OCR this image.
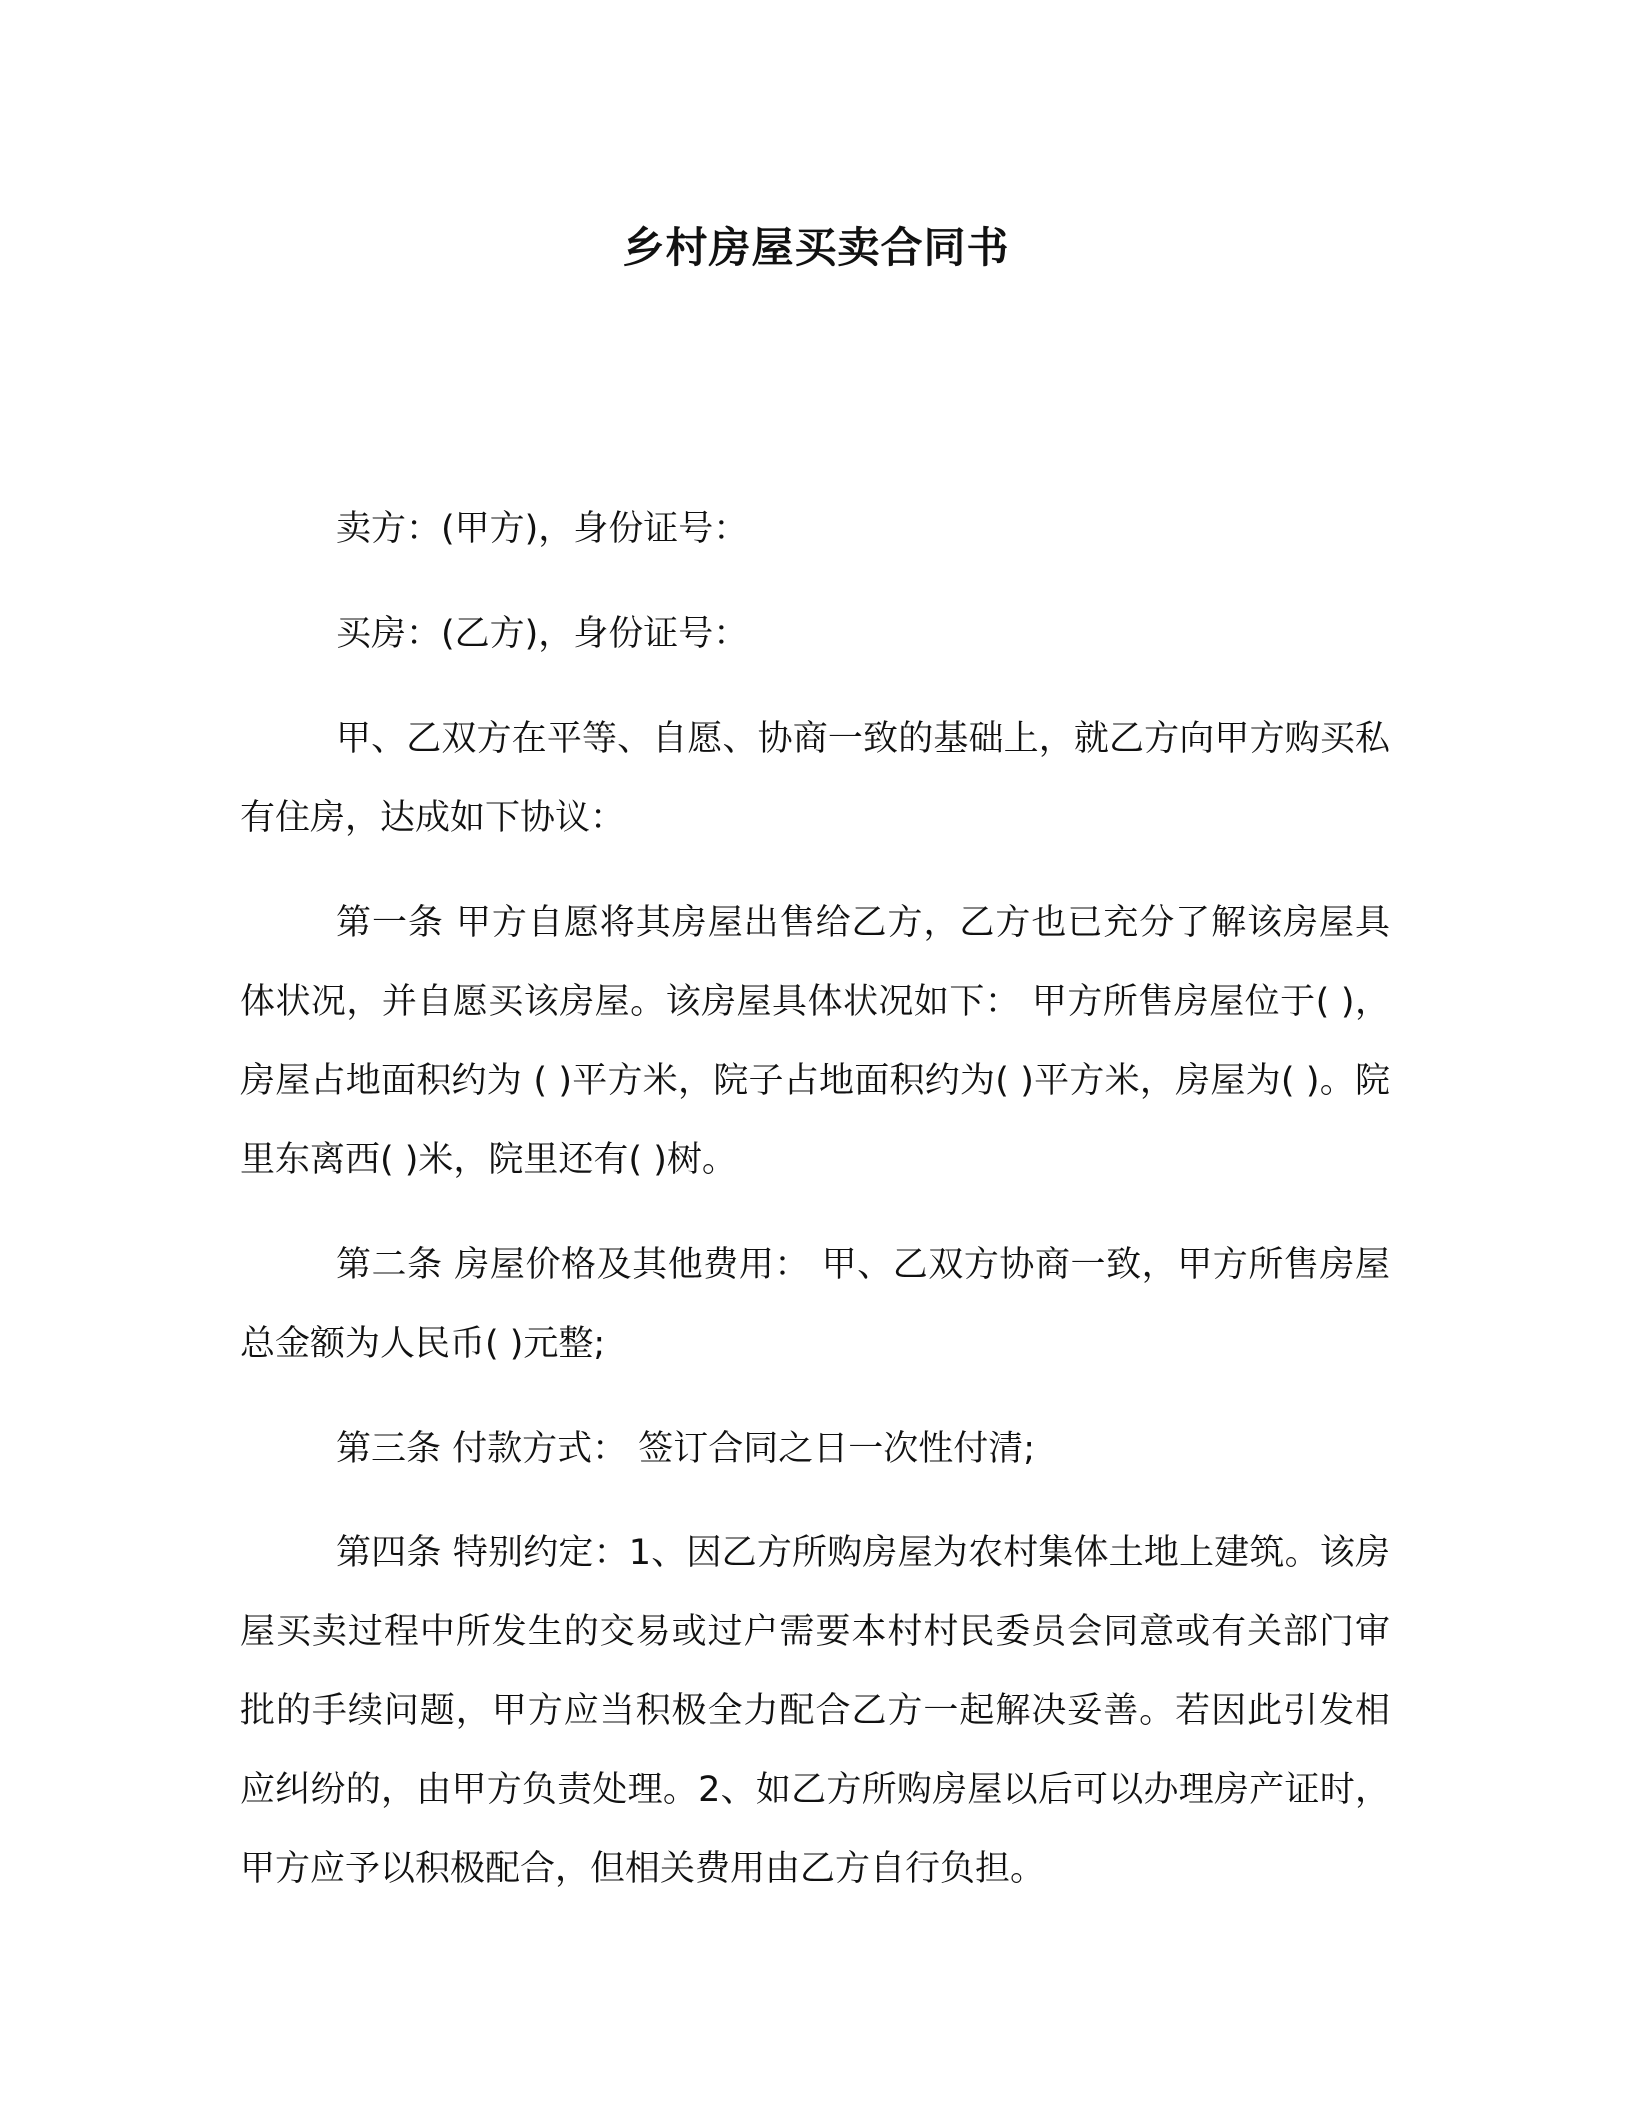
乡村房屋买卖合同书

卖方：(甲方)，身份证号：

买房：(乙方)，身份证号：

甲、乙双方在平等、自愿、协商一致的基础上，就乙方向甲方购买私有住房，达成如下协议：

第一条 甲方自愿将其房屋出售给乙方，乙方也已充分了解该房屋具体状况，并自愿买该房屋。该房屋具体状况如下： 甲方所售房屋位于( )，房屋占地面积约为 ( )平方米，院子占地面积约为( )平方米，房屋为( )。院里东离西( )米，院里还有( )树。

第二条 房屋价格及其他费用： 甲、乙双方协商一致，甲方所售房屋总金额为人民币( )元整;

第三条 付款方式： 签订合同之日一次性付清;

第四条 特别约定：1、因乙方所购房屋为农村集体土地上建筑。该房屋买卖过程中所发生的交易或过户需要本村村民委员会同意或有关部门审批的手续问题，甲方应当积极全力配合乙方一起解决妥善。若因此引发相应纠纷的，由甲方负责处理。2、如乙方所购房屋以后可以办理房产证时，甲方应予以积极配合，但相关费用由乙方自行负担。
